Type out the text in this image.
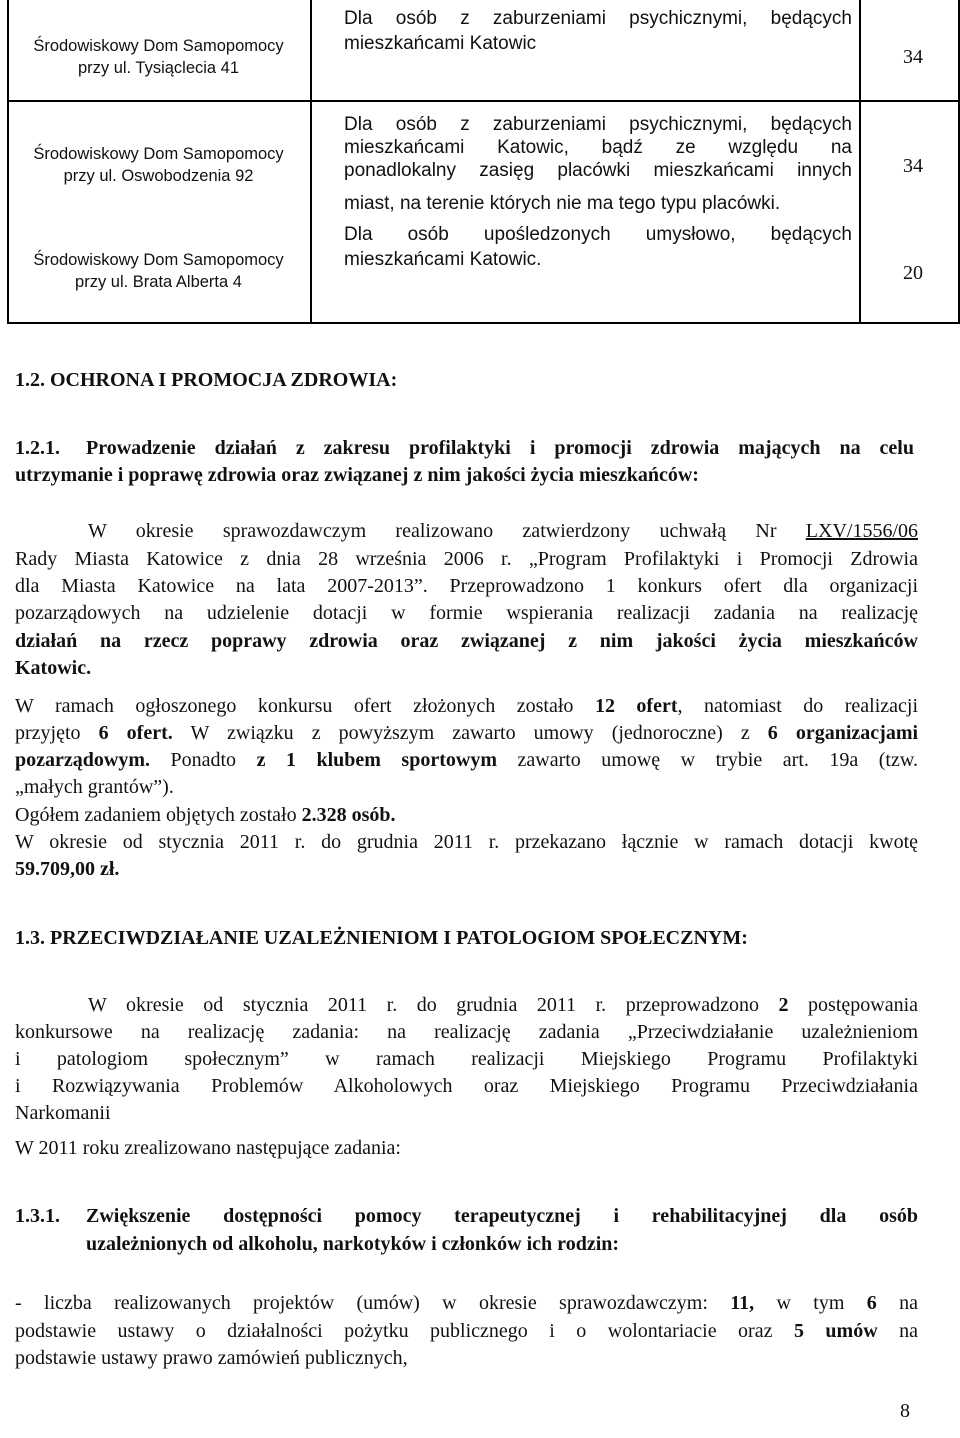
Środowiskowy Dom Samopomocy
przy ul. Tysiąclecia 41
Dla osób z zaburzeniami psychicznymi, będących
mieszkańcami Katowic
34
Środowiskowy Dom Samopomocy
przy ul. Oswobodzenia 92
Dla osób z zaburzeniami psychicznymi, będących
mieszkańcami Katowic, bądź ze względu na
ponadlokalny zasięg placówki mieszkańcami innych
miast, na terenie których nie ma tego typu placówki.
34
Środowiskowy Dom Samopomocy
przy ul. Brata Alberta 4
Dla osób upośledzonych umysłowo, będących
mieszkańcami Katowic.
20
1.2. OCHRONA I PROMOCJA ZDROWIA:
1.2.1. Prowadzenie działań z zakresu profilaktyki i promocji zdrowia mających na celu
utrzymanie i poprawę zdrowia oraz związanej z nim jakości życia mieszkańców:
W okresie sprawozdawczym realizowano zatwierdzony uchwałą Nr LXV/1556/06
Rady Miasta Katowice z dnia 28 września 2006 r. „Program Profilaktyki i Promocji Zdrowia
dla Miasta Katowice na lata 2007-2013”. Przeprowadzono 1 konkurs ofert dla organizacji
pozarządowych na udzielenie dotacji w formie wspierania realizacji zadania na realizację
działań na rzecz poprawy zdrowia oraz związanej z nim jakości życia mieszkańców
Katowic.
W ramach ogłoszonego konkursu ofert złożonych zostało 12 ofert, natomiast do realizacji
przyjęto 6 ofert. W związku z powyższym zawarto umowy (jednoroczne) z 6 organizacjami
pozarządowym. Ponadto z 1 klubem sportowym zawarto umowę w trybie art. 19a (tzw.
„małych grantów”).
Ogółem zadaniem objętych zostało 2.328 osób.
W okresie od stycznia 2011 r. do grudnia 2011 r. przekazano łącznie w ramach dotacji kwotę
59.709,00 zł.
1.3. PRZECIWDZIAŁANIE UZALEŻNIENIOM I PATOLOGIOM SPOŁECZNYM:
W okresie od stycznia 2011 r. do grudnia 2011 r. przeprowadzono 2 postępowania
konkursowe na realizację zadania: na realizację zadania „Przeciwdziałanie uzależnieniom
i patologiom społecznym” w ramach realizacji Miejskiego Programu Profilaktyki
i Rozwiązywania Problemów Alkoholowych oraz Miejskiego Programu Przeciwdziałania
Narkomanii
W 2011 roku zrealizowano następujące zadania:
1.3.1. Zwiększenie dostępności pomocy terapeutycznej i rehabilitacyjnej dla osób
uzależnionych od alkoholu, narkotyków i członków ich rodzin:
- liczba realizowanych projektów (umów) w okresie sprawozdawczym: 11, w tym 6 na
podstawie ustawy o działalności pożytku publicznego i o wolontariacie oraz 5 umów na
podstawie ustawy prawo zamówień publicznych,
8
